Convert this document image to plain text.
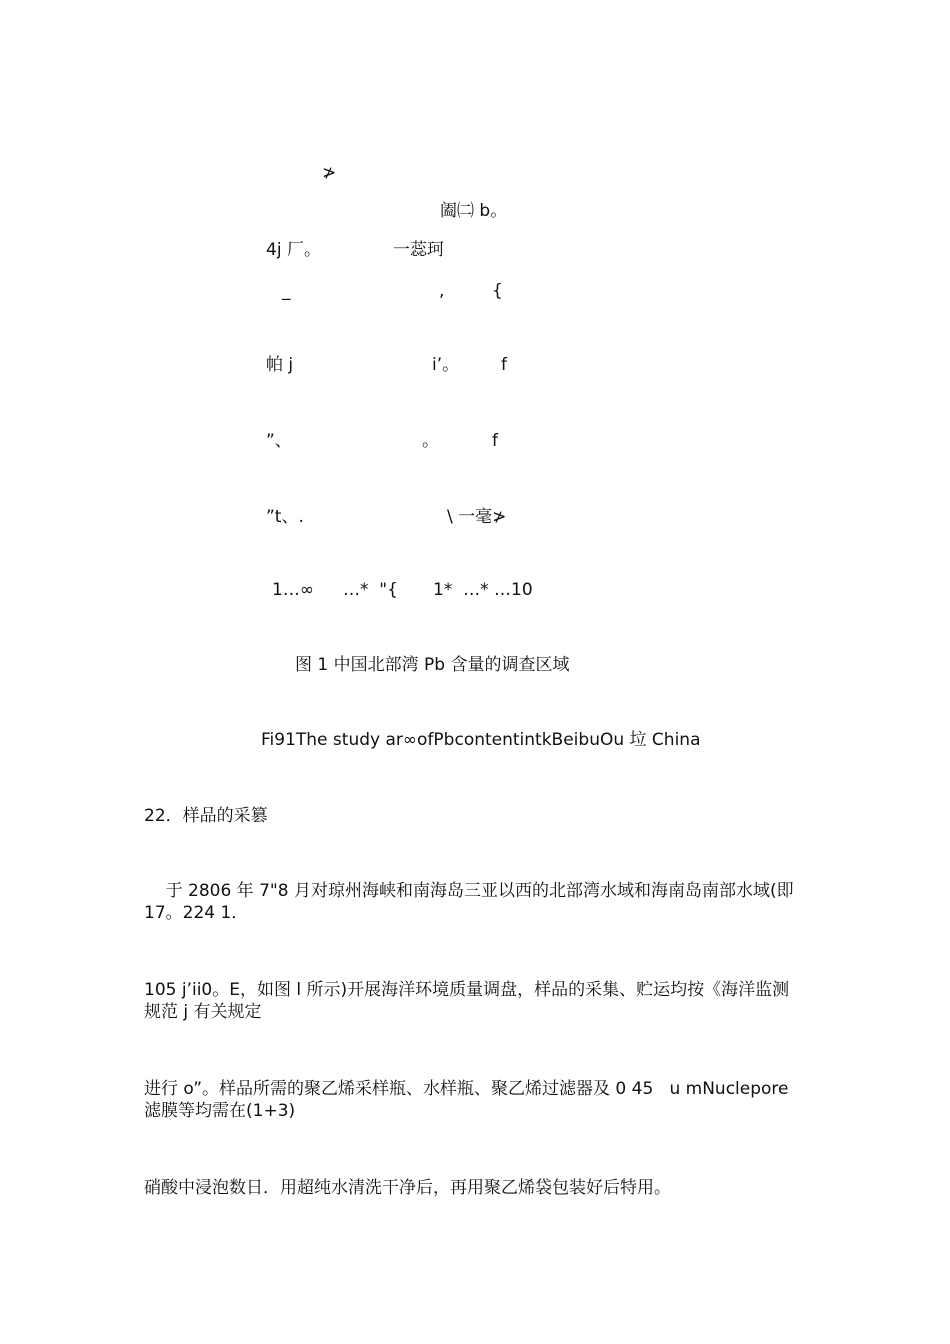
≯
阖㈡ b。
4j 厂。	一蕊珂
_	,	{
帕 j	i’。 f
”、	。	f
”t、.	\ 一毫≯
1…∞ …*  "{ 1*  …* …10
图 1 中国北部湾 Pb 含量的调查区域
Fi91The study ar∞ofPbcontentintkBeibuOu 垃 China
22．样品的采篡
于 2806 年 7"8 月对琼州海峡和南海岛三亚以西的北部湾水域和海南岛南部水域(即
17。224 1．
105 j’ii0。E，如图 l 所示)开展海洋环境质量调盘，样品的采集、贮运均按《海洋监测
规范 j 有关规定
进行 o”。样品所需的聚乙烯采样瓶、水样瓶、聚乙烯过滤器及 0 45   u mNuclepore
滤膜等均需在(1+3)
硝酸中浸泡数日．用超纯水清洗干净后，再用聚乙烯袋包装好后特用。
